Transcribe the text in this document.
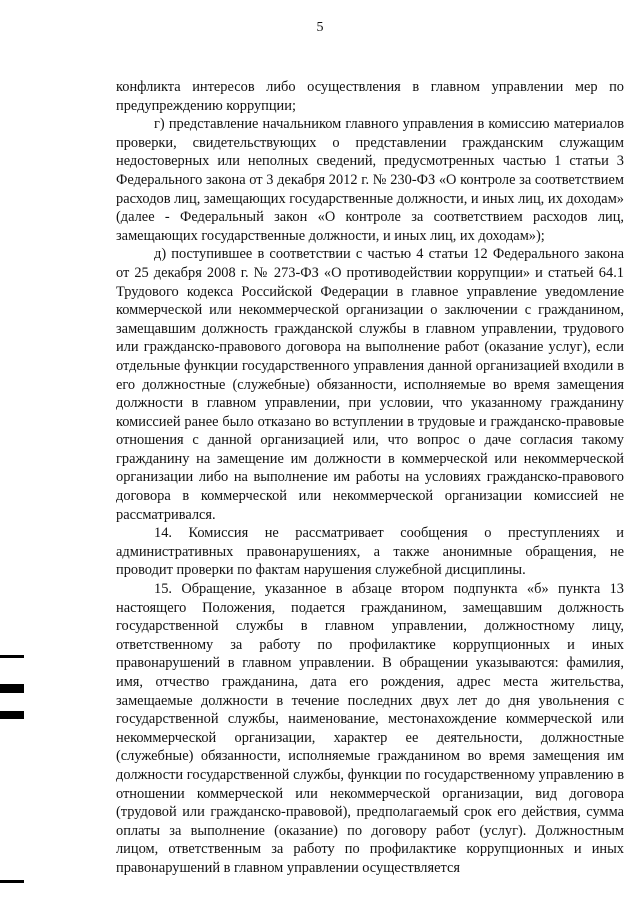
5

конфликта интересов либо осуществления в главном управлении мер по предупреждению коррупции;

г) представление начальником главного управления в комиссию материалов проверки, свидетельствующих о представлении гражданским служащим недостоверных или неполных сведений, предусмотренных частью 1 статьи 3 Федерального закона от 3 декабря 2012 г. № 230-ФЗ «О контроле за соответствием расходов лиц, замещающих государственные должности, и иных лиц, их доходам» (далее - Федеральный закон «О контроле за соответствием расходов лиц, замещающих государственные должности, и иных лиц, их доходам»);

д) поступившее в соответствии с частью 4 статьи 12 Федерального закона от 25 декабря 2008 г. № 273-ФЗ «О противодействии коррупции» и статьей 64.1 Трудового кодекса Российской Федерации в главное управление уведомление коммерческой или некоммерческой организации о заключении с гражданином, замещавшим должность гражданской службы в главном управлении, трудового или гражданско-правового договора на выполнение работ (оказание услуг), если отдельные функции государственного управления данной организацией входили в его должностные (служебные) обязанности, исполняемые во время замещения должности в главном управлении, при условии, что указанному гражданину комиссией ранее было отказано во вступлении в трудовые и гражданско-правовые отношения с данной организацией или, что вопрос о даче согласия такому гражданину на замещение им должности в коммерческой или некоммерческой организации либо на выполнение им работы на условиях гражданско-правового договора в коммерческой или некоммерческой организации комиссией не рассматривался.

14. Комиссия не рассматривает сообщения о преступлениях и административных правонарушениях, а также анонимные обращения, не проводит проверки по фактам нарушения служебной дисциплины.

15. Обращение, указанное в абзаце втором подпункта «б» пункта 13 настоящего Положения, подается гражданином, замещавшим должность государственной службы в главном управлении, должностному лицу, ответственному за работу по профилактике коррупционных и иных правонарушений в главном управлении. В обращении указываются: фамилия, имя, отчество гражданина, дата его рождения, адрес места жительства, замещаемые должности в течение последних двух лет до дня увольнения с государственной службы, наименование, местонахождение коммерческой или некоммерческой организации, характер ее деятельности, должностные (служебные) обязанности, исполняемые гражданином во время замещения им должности государственной службы, функции по государственному управлению в отношении коммерческой или некоммерческой организации, вид договора (трудовой или гражданско-правовой), предполагаемый срок его действия, сумма оплаты за выполнение (оказание) по договору работ (услуг). Должностным лицом, ответственным за работу по профилактике коррупционных и иных правонарушений в главном управлении осуществляется
